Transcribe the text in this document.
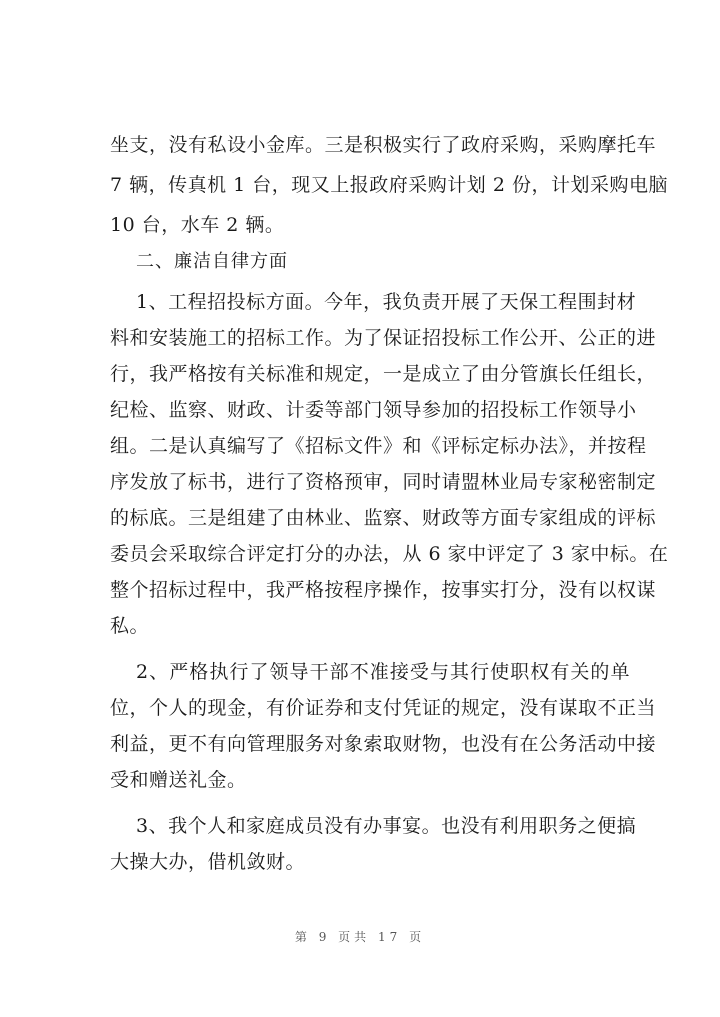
坐支，没有私设小金库。三是积极实行了政府采购，采购摩托车
7 辆，传真机 1 台，现又上报政府采购计划 2 份，计划采购电脑
10 台，水车 2 辆。
二、廉洁自律方面
1、工程招投标方面。今年，我负责开展了天保工程围封材
料和安装施工的招标工作。为了保证招投标工作公开、公正的进
行，我严格按有关标准和规定，一是成立了由分管旗长任组长，
纪检、监察、财政、计委等部门领导参加的招投标工作领导小
组。二是认真编写了《招标文件》和《评标定标办法》，并按程
序发放了标书，进行了资格预审，同时请盟林业局专家秘密制定
的标底。三是组建了由林业、监察、财政等方面专家组成的评标
委员会采取综合评定打分的办法，从 6 家中评定了 3 家中标。在
整个招标过程中，我严格按程序操作，按事实打分，没有以权谋
私。
2、严格执行了领导干部不准接受与其行使职权有关的单
位，个人的现金，有价证券和支付凭证的规定，没有谋取不正当
利益，更不有向管理服务对象索取财物，也没有在公务活动中接
受和赠送礼金。
3、我个人和家庭成员没有办事宴。也没有利用职务之便搞
大操大办，借机敛财。
第 9 页共 17 页
